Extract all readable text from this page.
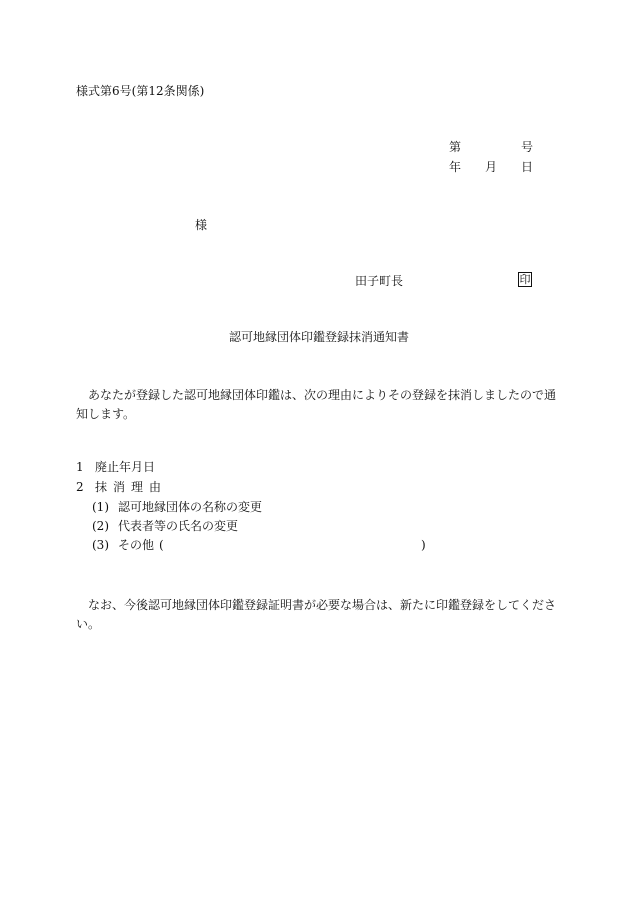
様式第6号(第12条関係)
第	号
年 月 日
様
田子町長	印
認可地縁団体印鑑登録抹消通知書
あなたが登録した認可地縁団体印鑑は、次の理由によりその登録を抹消しましたので通知します。
1 廃止年月日
2 抹消理由
(1) 認可地縁団体の名称の変更
(2) 代表者等の氏名の変更
(3) その他 (	)
なお、今後認可地縁団体印鑑登録証明書が必要な場合は、新たに印鑑登録をしてください。
